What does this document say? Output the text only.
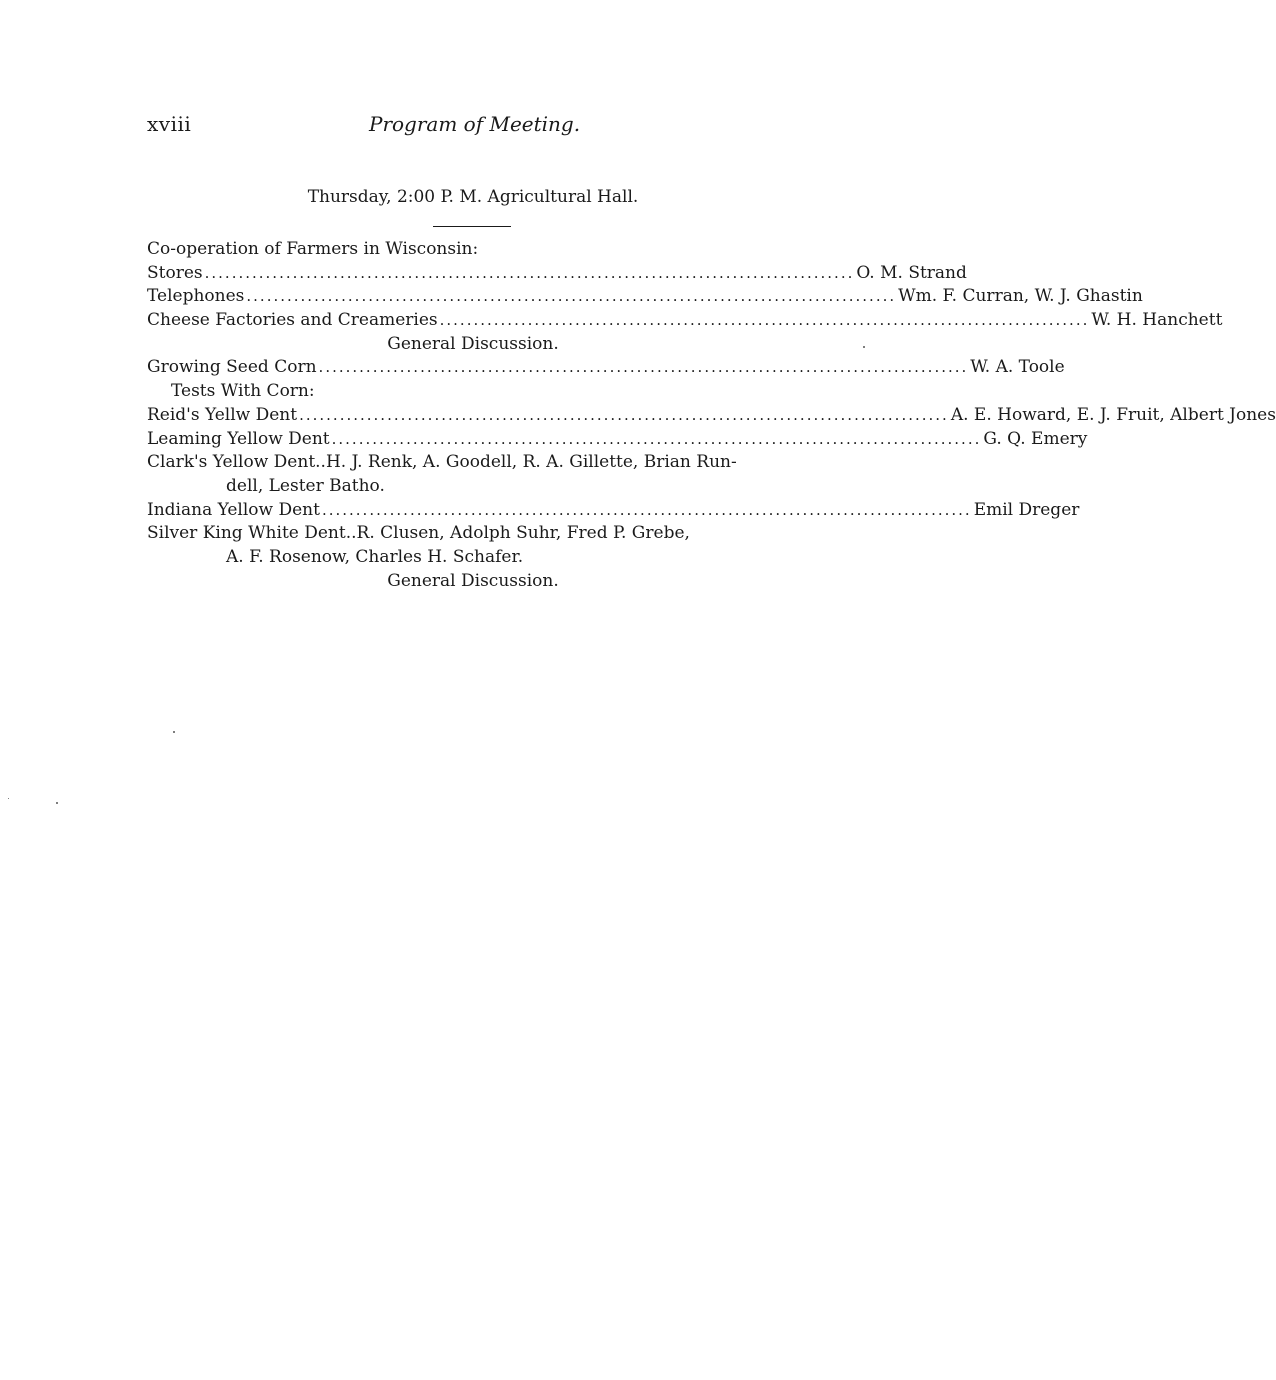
xviii	Program of Meeting.
Thursday, 2:00 P. M. Agricultural Hall.
Co-operation of Farmers in Wisconsin:
Stores ................................................................................................ O. M. Strand
Telephones ................................................................................................ Wm. F. Curran, W. J. Ghastin
Cheese Factories and Creameries ................................................................................................ W. H. Hanchett
General Discussion.
Growing Seed Corn ................................................................................................ W. A. Toole
Tests With Corn:
Reid's Yellw Dent ................................................................................................ A. E. Howard, E. J. Fruit, Albert Jones
Leaming Yellow Dent ................................................................................................ G. Q. Emery
Clark's Yellow Dent..H. J. Renk, A. Goodell, R. A. Gillette, Brian Run-
dell, Lester Batho.
Indiana Yellow Dent ................................................................................................ Emil Dreger
Silver King White Dent..R. Clusen, Adolph Suhr, Fred P. Grebe,
A. F. Rosenow, Charles H. Schafer.
General Discussion.
